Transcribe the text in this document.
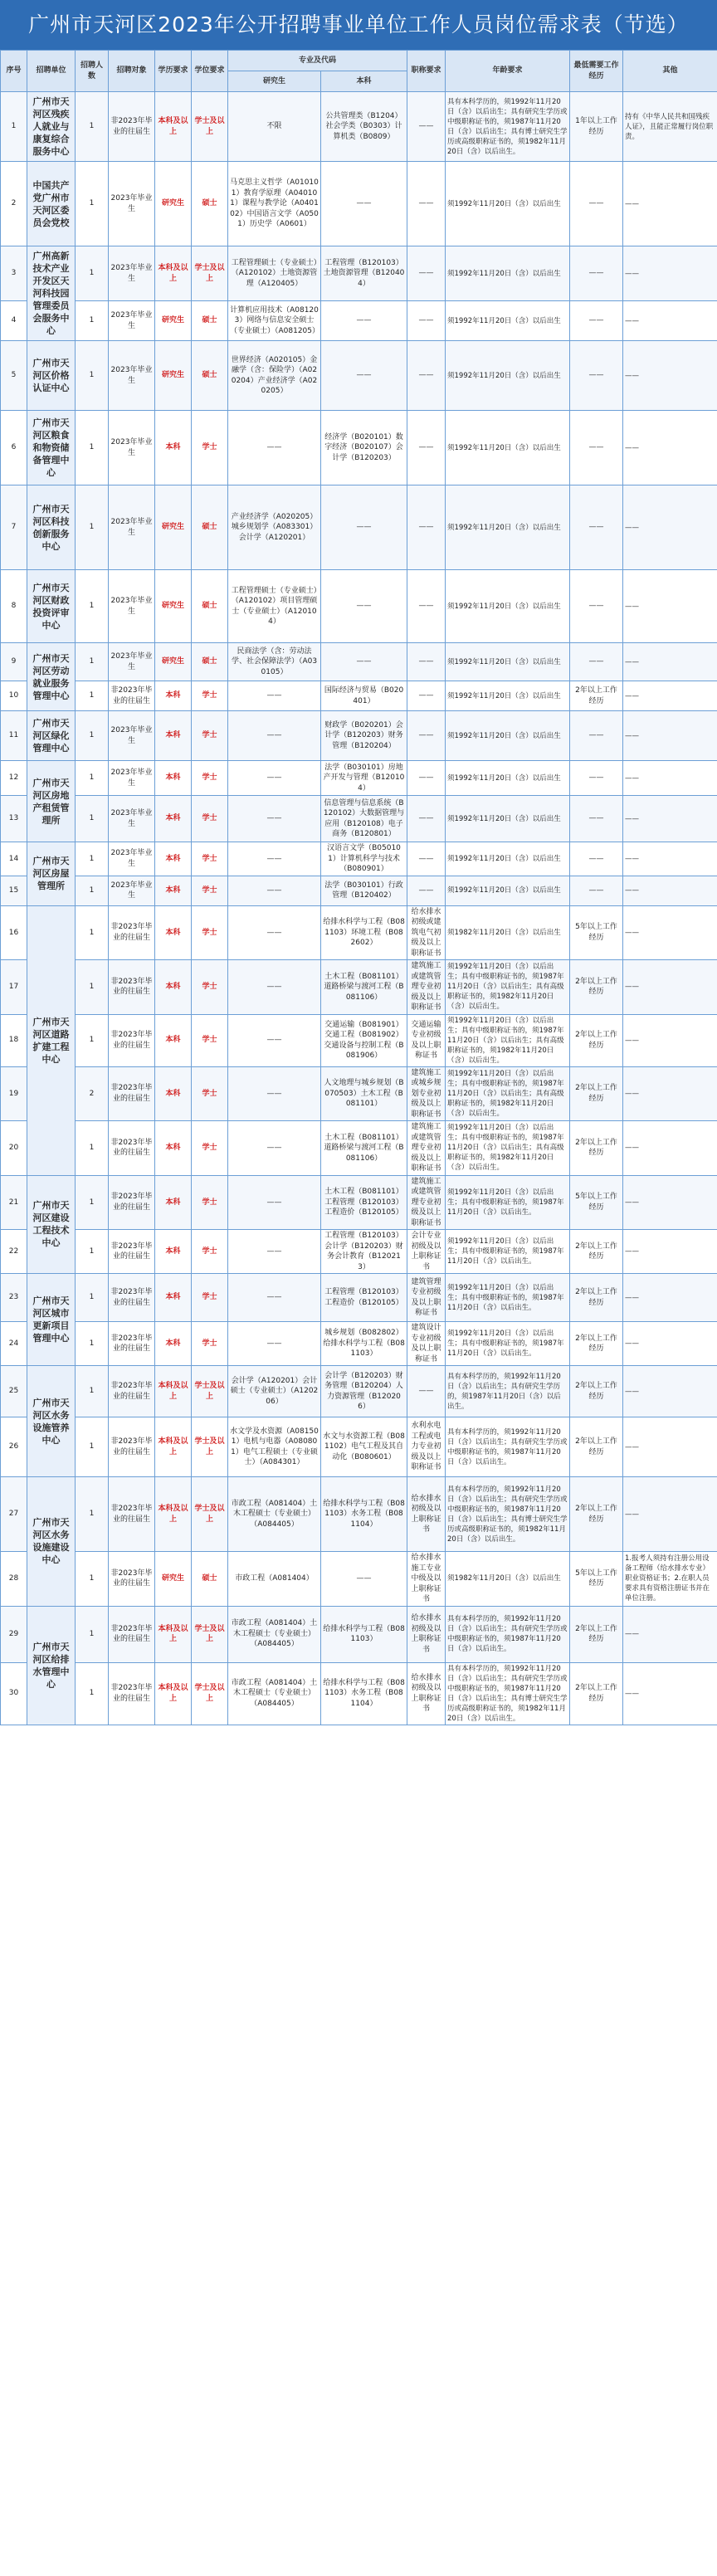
广州市天河区2023年公开招聘事业单位工作人员岗位需求表（节选）
序号	招聘单位	招聘人数	招聘对象	学历要求	学位要求	专业及代码		职称要求	年龄要求	最低需要工作经历	其他
						研究生	本科				
1	广州市天河区残疾人就业与康复综合服务中心	1	非2023年毕业的往届生	本科及以上	学士及以上	不限	公共管理类（B1204）社会学类（B0303）计算机类（B0809）	——	具有本科学历的，须1992年11月20日（含）以后出生；具有研究生学历或中级职称证书的，须1987年11月20日（含）以后出生；具有博士研究生学历或高级职称证书的，须1982年11月20日（含）以后出生。	1年以上工作经历	持有《中华人民共和国残疾人证》，且能正常履行岗位职责。
2	中国共产党广州市天河区委员会党校	1	2023年毕业生	研究生	硕士	马克思主义哲学（A010101）教育学原理（A040101）课程与教学论（A040102）中国语言文学（A0501）历史学（A0601）	——	——	须1992年11月20日（含）以后出生	——	——
3	广州高新技术产业开发区天河科技园管理委员会服务中心	1	2023年毕业生	本科及以上	学士及以上	工程管理硕士（专业硕士）（A120102）土地资源管理（A120405）	工程管理（B120103）土地资源管理（B120404）	——	须1992年11月20日（含）以后出生	——	——
4		1	2023年毕业生	研究生	硕士	计算机应用技术（A081203）网络与信息安全硕士（专业硕士）（A081205）	——	——	须1992年11月20日（含）以后出生	——	——
5	广州市天河区价格认证中心	1	2023年毕业生	研究生	硕士	世界经济（A020105）金融学（含：保险学）（A020204）产业经济学（A020205）	——	——	须1992年11月20日（含）以后出生	——	——
6	广州市天河区粮食和物资储备管理中心	1	2023年毕业生	本科	学士	——	经济学（B020101）数字经济（B020107）会计学（B120203）	——	须1992年11月20日（含）以后出生	——	——
7	广州市天河区科技创新服务中心	1	2023年毕业生	研究生	硕士	产业经济学（A020205）城乡规划学（A083301）会计学（A120201）	——	——	须1992年11月20日（含）以后出生	——	——
8	广州市天河区财政投资评审中心	1	2023年毕业生	研究生	硕士	工程管理硕士（专业硕士）（A120102）项目管理硕士（专业硕士）（A120104）	——	——	须1992年11月20日（含）以后出生	——	——
9	广州市天河区劳动就业服务管理中心	1	2023年毕业生	研究生	硕士	民商法学（含：劳动法学、社会保障法学）（A030105）	——	——	须1992年11月20日（含）以后出生	——	——
10		1	非2023年毕业的往届生	本科	学士	——	国际经济与贸易（B020401）	——	须1992年11月20日（含）以后出生	2年以上工作经历	——
11	广州市天河区绿化管理中心	1	2023年毕业生	本科	学士	——	财政学（B020201）会计学（B120203）财务管理（B120204）	——	须1992年11月20日（含）以后出生	——	——
12	广州市天河区房地产租赁管理所	1	2023年毕业生	本科	学士	——	法学（B030101）房地产开发与管理（B120104）	——	须1992年11月20日（含）以后出生	——	——
13		1	2023年毕业生	本科	学士	——	信息管理与信息系统（B120102）大数据管理与应用（B120108）电子商务（B120801）	——	须1992年11月20日（含）以后出生	——	——
14	广州市天河区房屋管理所	1	2023年毕业生	本科	学士	——	汉语言文学（B050101）计算机科学与技术（B080901）	——	须1992年11月20日（含）以后出生	——	——
15		1	2023年毕业生	本科	学士	——	法学（B030101）行政管理（B120402）	——	须1992年11月20日（含）以后出生	——	——
16	广州市天河区道路扩建工程中心	1	非2023年毕业的往届生	本科	学士	——	给排水科学与工程（B081103）环境工程（B082602）	给水排水初级或建筑电气初级及以上职称证书	须1982年11月20日（含）以后出生	5年以上工作经历	——
17		1	非2023年毕业的往届生	本科	学士	——	土木工程（B081101）道路桥梁与渡河工程（B081106）	建筑施工或建筑管理专业初级及以上职称证书	须1992年11月20日（含）以后出生；具有中级职称证书的，须1987年11月20日（含）以后出生；具有高级职称证书的，须1982年11月20日（含）以后出生。	2年以上工作经历	——
18		1	非2023年毕业的往届生	本科	学士	——	交通运输（B081901）交通工程（B081902）交通设备与控制工程（B081906）	交通运输专业初级及以上职称证书	须1992年11月20日（含）以后出生；具有中级职称证书的，须1987年11月20日（含）以后出生；具有高级职称证书的，须1982年11月20日（含）以后出生。	2年以上工作经历	——
19		2	非2023年毕业的往届生	本科	学士	——	人文地理与城乡规划（B070503）土木工程（B081101）	建筑施工或城乡规划专业初级及以上职称证书	须1992年11月20日（含）以后出生；具有中级职称证书的，须1987年11月20日（含）以后出生；具有高级职称证书的，须1982年11月20日（含）以后出生。	2年以上工作经历	——
20		1	非2023年毕业的往届生	本科	学士	——	土木工程（B081101）道路桥梁与渡河工程（B081106）	建筑施工或建筑管理专业初级及以上职称证书	须1992年11月20日（含）以后出生；具有中级职称证书的，须1987年11月20日（含）以后出生；具有高级职称证书的，须1982年11月20日（含）以后出生。	2年以上工作经历	——
21	广州市天河区建设工程技术中心	1	非2023年毕业的往届生	本科	学士	——	土木工程（B081101）工程管理（B120103）工程造价（B120105）	建筑施工或建筑管理专业初级及以上职称证书	须1992年11月20日（含）以后出生；具有中级职称证书的，须1987年11月20日（含）以后出生。	5年以上工作经历	——
22		1	非2023年毕业的往届生	本科	学士	——	工程管理（B120103）会计学（B120203）财务会计教育（B120213）	会计专业初级及以上职称证书	须1992年11月20日（含）以后出生；具有中级职称证书的，须1987年11月20日（含）以后出生。	2年以上工作经历	——
23	广州市天河区城市更新项目管理中心	1	非2023年毕业的往届生	本科	学士	——	工程管理（B120103）工程造价（B120105）	建筑管理专业初级及以上职称证书	须1992年11月20日（含）以后出生；具有中级职称证书的，须1987年11月20日（含）以后出生。	2年以上工作经历	——
24		1	非2023年毕业的往届生	本科	学士	——	城乡规划（B082802）给排水科学与工程（B081103）	建筑设计专业初级及以上职称证书	须1992年11月20日（含）以后出生；具有中级职称证书的，须1987年11月20日（含）以后出生。	2年以上工作经历	——
25	广州市天河区水务设施管养中心	1	非2023年毕业的往届生	本科及以上	学士及以上	会计学（A120201）会计硕士（专业硕士）（A120206）	会计学（B120203）财务管理（B120204）人力资源管理（B120206）	——	具有本科学历的，须1992年11月20日（含）以后出生；具有研究生学历的，须1987年11月20日（含）以后出生。	2年以上工作经历	——
26		1	非2023年毕业的往届生	本科及以上	学士及以上	水文学及水资源（A081501）电机与电器（A080801）电气工程硕士（专业硕士）（A084301）	水文与水资源工程（B081102）电气工程及其自动化（B080601）	水利水电工程或电力专业初级及以上职称证书	具有本科学历的，须1992年11月20日（含）以后出生；具有研究生学历或中级职称证书的，须1987年11月20日（含）以后出生。	2年以上工作经历	——
27	广州市天河区水务设施建设中心	1	非2023年毕业的往届生	本科及以上	学士及以上	市政工程（A081404）土木工程硕士（专业硕士）（A084405）	给排水科学与工程（B081103）水务工程（B081104）	给水排水初级及以上职称证书	具有本科学历的，须1992年11月20日（含）以后出生；具有研究生学历或中级职称证书的，须1987年11月20日（含）以后出生；具有博士研究生学历或高级职称证书的，须1982年11月20日（含）以后出生。	2年以上工作经历	——
28		1	非2023年毕业的往届生	研究生	硕士	市政工程（A081404）	——	给水排水施工专业中级及以上职称证书	须1982年11月20日（含）以后出生	5年以上工作经历	1.报考人须持有注册公用设备工程师（给水排水专业）职业资格证书；2.在职人员要求具有资格注册证书并在单位注册。
29	广州市天河区给排水管理中心	1	非2023年毕业的往届生	本科及以上	学士及以上	市政工程（A081404）土木工程硕士（专业硕士）（A084405）	给排水科学与工程（B081103）	给水排水初级及以上职称证书	具有本科学历的，须1992年11月20日（含）以后出生；具有研究生学历或中级职称证书的，须1987年11月20日（含）以后出生。	2年以上工作经历	——
30		1	非2023年毕业的往届生	本科及以上	学士及以上	市政工程（A081404）土木工程硕士（专业硕士）（A084405）	给排水科学与工程（B081103）水务工程（B081104）	给水排水初级及以上职称证书	具有本科学历的，须1992年11月20日（含）以后出生；具有研究生学历或中级职称证书的，须1987年11月20日（含）以后出生；具有博士研究生学历或高级职称证书的，须1982年11月20日（含）以后出生。	2年以上工作经历	——
